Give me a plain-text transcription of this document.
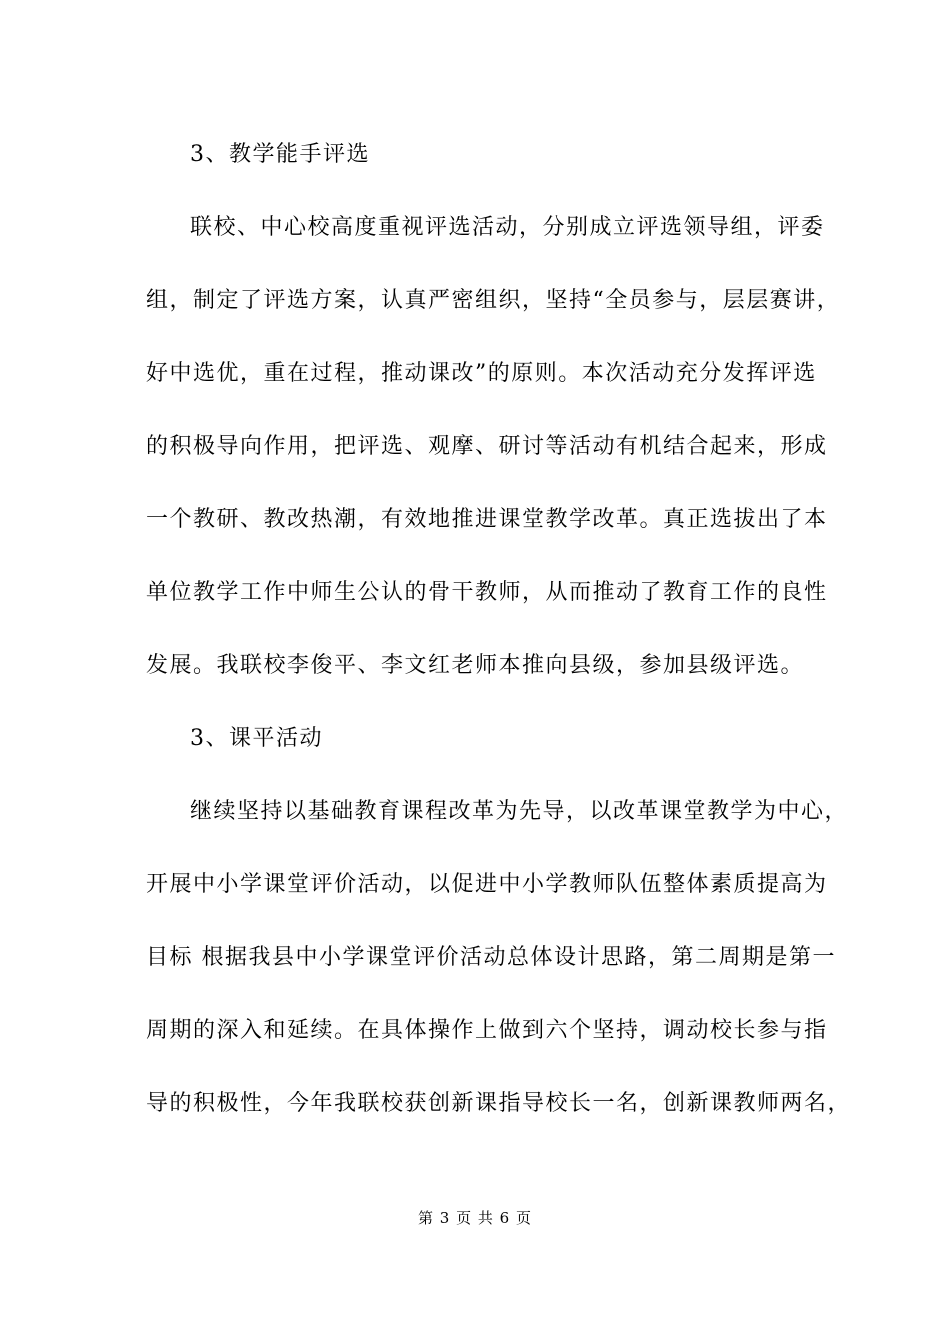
3、教学能手评选
联校、中心校高度重视评选活动，分别成立评选领导组，评委
组，制定了评选方案，认真严密组织，坚持“全员参与，层层赛讲，
好中选优，重在过程，推动课改”的原则。本次活动充分发挥评选
的积极导向作用，把评选、观摩、研讨等活动有机结合起来，形成
一个教研、教改热潮，有效地推进课堂教学改革。真正选拔出了本
单位教学工作中师生公认的骨干教师，从而推动了教育工作的良性
发展。我联校李俊平、李文红老师本推向县级，参加县级评选。
3、课平活动
继续坚持以基础教育课程改革为先导，以改革课堂教学为中心，
开展中小学课堂评价活动，以促进中小学教师队伍整体素质提高为
目标 根据我县中小学课堂评价活动总体设计思路，第二周期是第一
周期的深入和延续。在具体操作上做到六个坚持，调动校长参与指
导的积极性，今年我联校获创新课指导校长一名，创新课教师两名，
第 3 页 共 6 页
